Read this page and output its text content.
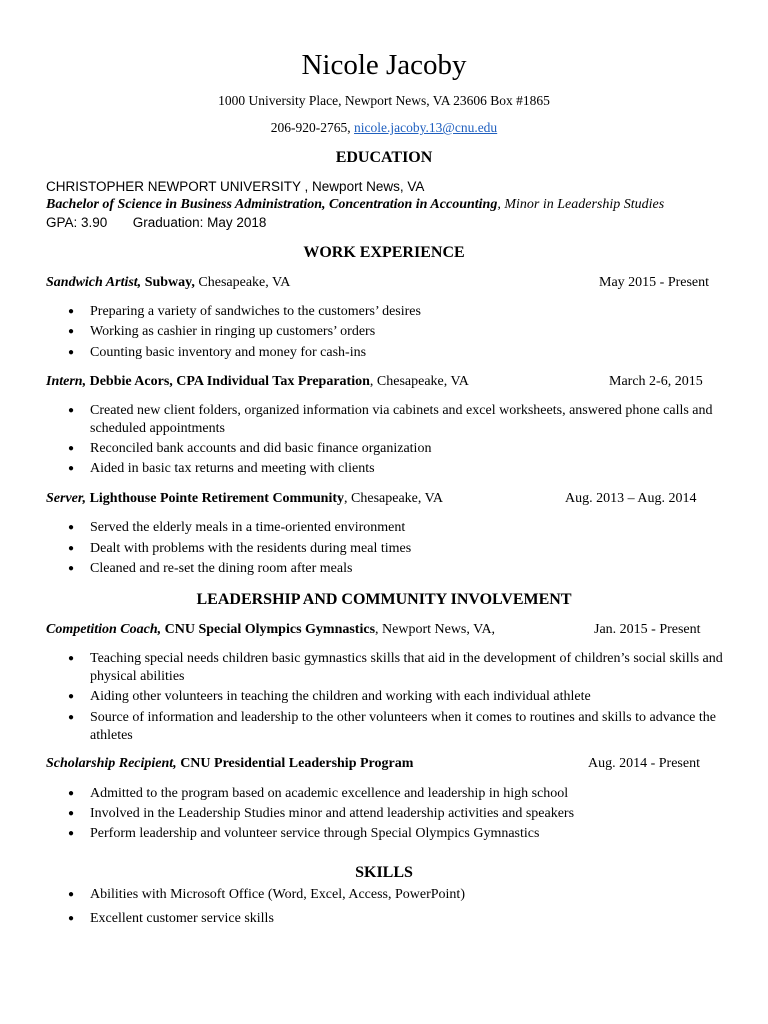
Nicole Jacoby
1000 University Place, Newport News, VA 23606 Box #1865
206-920-2765, nicole.jacoby.13@cnu.edu
EDUCATION
CHRISTOPHER NEWPORT UNIVERSITY , Newport News, VA
Bachelor of Science in Business Administration, Concentration in Accounting, Minor in Leadership Studies
GPA: 3.90 Graduation: May 2018
WORK EXPERIENCE
Sandwich Artist, Subway, Chesapeake, VA	May 2015 - Present
● Preparing a variety of sandwiches to the customers’ desires
● Working as cashier in ringing up customers’ orders
● Counting basic inventory and money for cash-ins
Intern, Debbie Acors, CPA Individual Tax Preparation, Chesapeake, VA	March 2-6, 2015
● Created new client folders, organized information via cabinets and excel worksheets, answered phone calls and scheduled appointments
● Reconciled bank accounts and did basic finance organization
● Aided in basic tax returns and meeting with clients
Server, Lighthouse Pointe Retirement Community, Chesapeake, VA	Aug. 2013 – Aug. 2014
● Served the elderly meals in a time-oriented environment
● Dealt with problems with the residents during meal times
● Cleaned and re-set the dining room after meals
LEADERSHIP AND COMMUNITY INVOLVEMENT
Competition Coach, CNU Special Olympics Gymnastics, Newport News, VA,	Jan. 2015 - Present
● Teaching special needs children basic gymnastics skills that aid in the development of children’s social skills and physical abilities
● Aiding other volunteers in teaching the children and working with each individual athlete
● Source of information and leadership to the other volunteers when it comes to routines and skills to advance the athletes
Scholarship Recipient, CNU Presidential Leadership Program	Aug. 2014 - Present
● Admitted to the program based on academic excellence and leadership in high school
● Involved in the Leadership Studies minor and attend leadership activities and speakers
● Perform leadership and volunteer service through Special Olympics Gymnastics
SKILLS
● Abilities with Microsoft Office (Word, Excel, Access, PowerPoint)
● Excellent customer service skills
